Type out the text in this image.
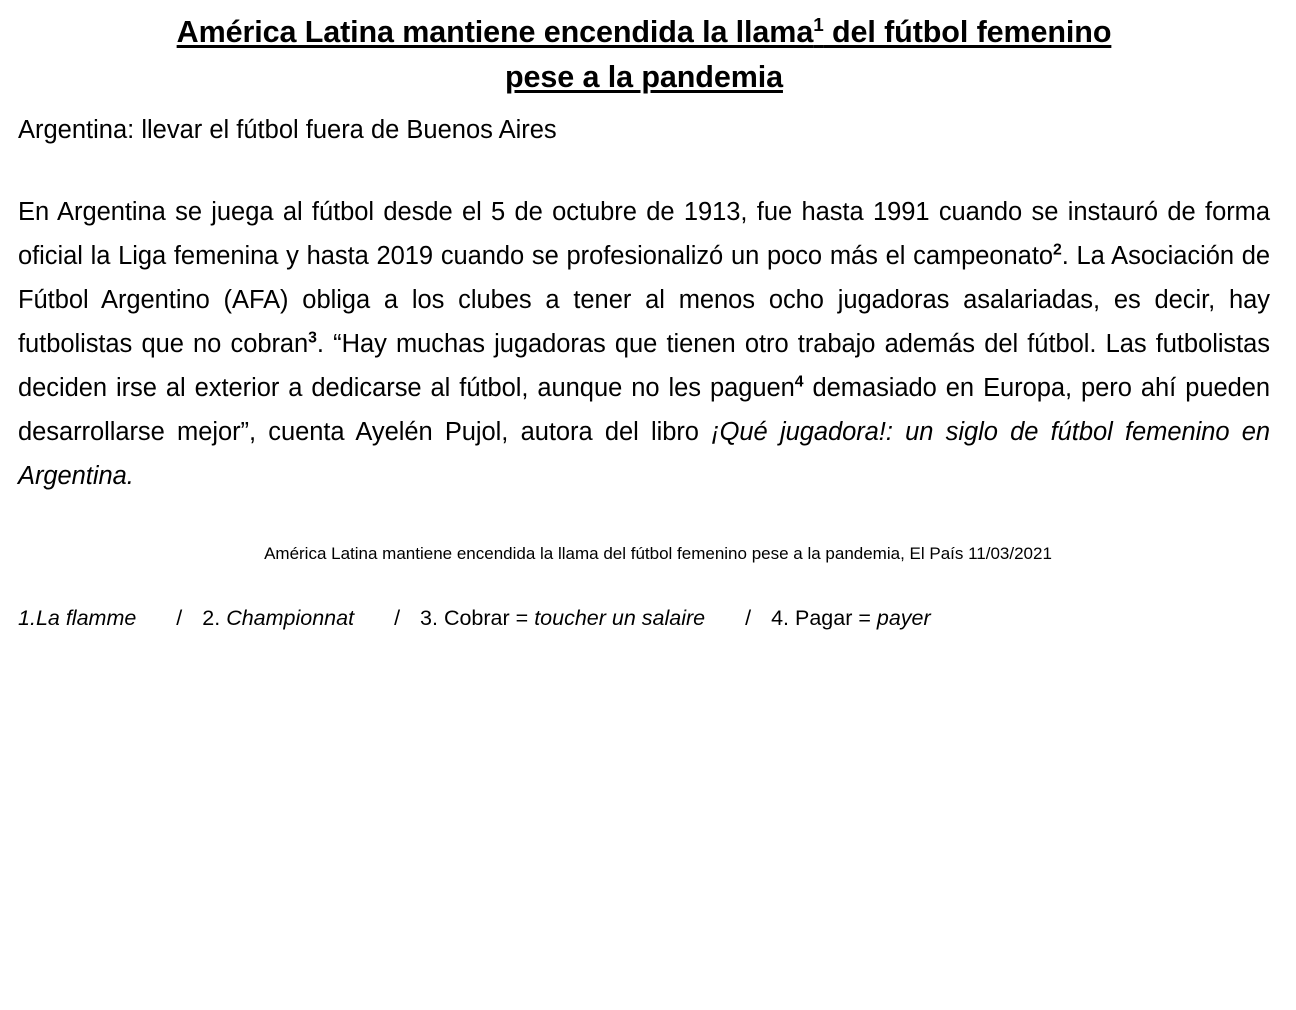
América Latina mantiene encendida la llama$^1$ del fútbol femenino
pese a la pandemia

Argentina: llevar el fútbol fuera de Buenos Aires

En Argentina se juega al fútbol desde el 5 de octubre de 1913, fue hasta 1991 cuando se instauró de forma oficial la Liga femenina y hasta 2019 cuando se profesionalizó un poco más el campeonato$^2$. La Asociación de Fútbol Argentino (AFA) obliga a los clubes a tener al menos ocho jugadoras asalariadas, es decir, hay futbolistas que no cobran$^3$. “Hay muchas jugadoras que tienen otro trabajo además del fútbol. Las futbolistas deciden irse al exterior a dedicarse al fútbol, aunque no les paguen$^4$ demasiado en Europa, pero ahí pueden desarrollarse mejor”, cuenta Ayelén Pujol, autora del libro ¡Qué jugadora!: un siglo de fútbol femenino en Argentina.

América Latina mantiene encendida la llama del fútbol femenino pese a la pandemia, El País 11/03/2021

1.La flamme / 2. Championnat / 3. Cobrar = toucher un salaire / 4. Pagar = payer
